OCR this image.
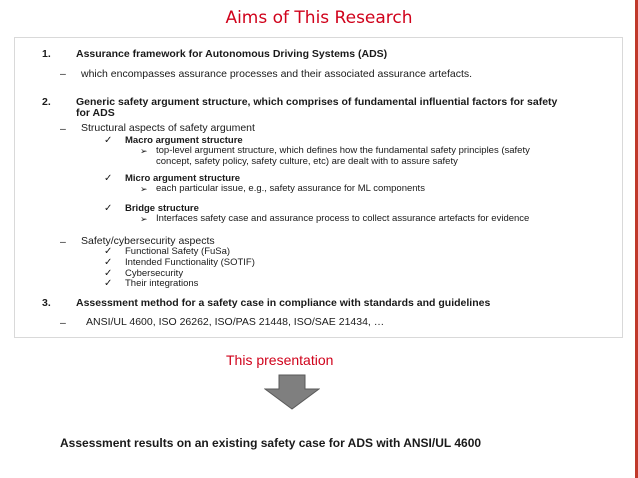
Aims of This Research
1. Assurance framework for Autonomous Driving Systems (ADS)
– which encompasses assurance processes and their associated assurance artefacts.
2. Generic safety argument structure, which comprises of fundamental influential factors for safety
for ADS
– Structural aspects of safety argument
✓ Macro argument structure
➢ top-level argument structure, which defines how the fundamental safety principles (safety
concept, safety policy, safety culture, etc) are dealt with to assure safety
✓ Micro argument structure
➢ each particular issue, e.g., safety assurance for ML components
✓ Bridge structure
➢ Interfaces safety case and assurance process to collect assurance artefacts for evidence
– Safety/cybersecurity aspects
✓ Functional Safety (FuSa)
✓ Intended Functionality (SOTIF)
✓ Cybersecurity
✓ Their integrations
3. Assessment method for a safety case in compliance with standards and guidelines
– ANSI/UL 4600, ISO 26262, ISO/PAS 21448, ISO/SAE 21434, …
This presentation
Assessment results on an existing safety case for ADS with ANSI/UL 4600
